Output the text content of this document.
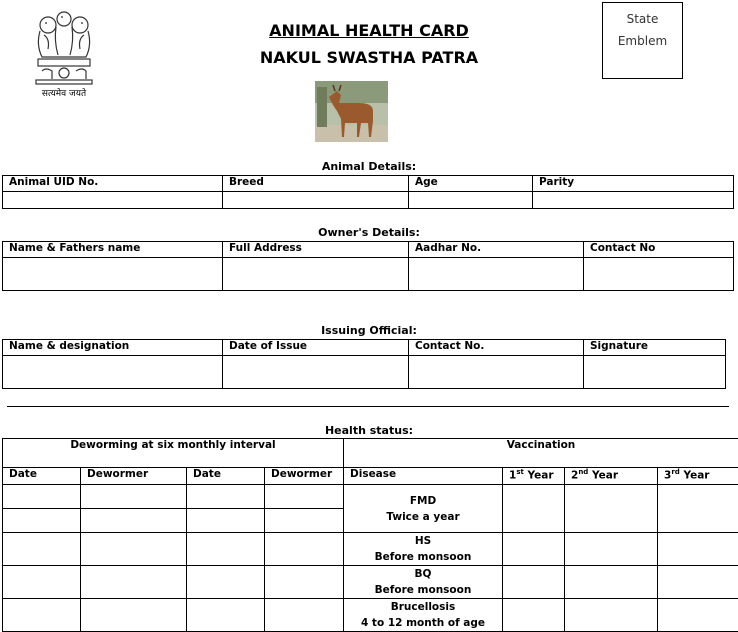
सत्यमेव जयते
ANIMAL HEALTH CARD
NAKUL SWASTHA PATRA
State
Emblem
Animal Details:
Animal UID No.	Breed	Age	Parity

Owner's Details:
Name & Fathers name	Full Address	Aadhar No.	Contact No

Issuing Official:
Name & designation	Date of Issue	Contact No.	Signature

Health status:
Deworming at six monthly interval				Vaccination			
Date	Dewormer	Date	Dewormer	Disease	1st Year	2nd Year	3rd Year

				FMD
Twice a year			

				HS
Before monsoon			

				BQ
Before monsoon			

				Brucellosis
4 to 12 month of age			
